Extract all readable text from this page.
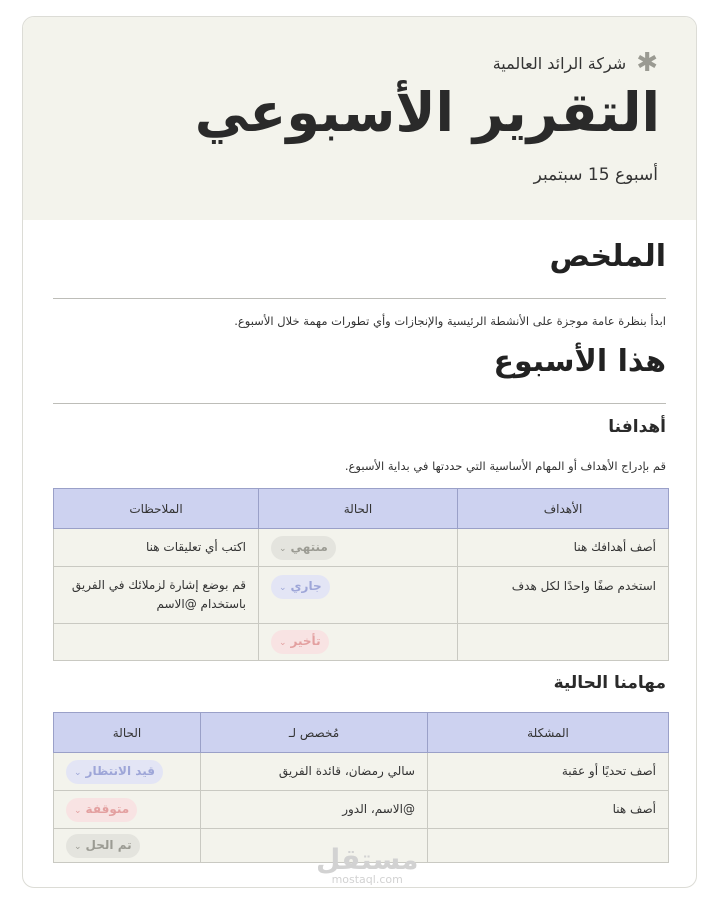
✱
شركة الرائد العالمية
التقرير الأسبوعي
أسبوع 15 سبتمبر
الملخص

ابدأ بنظرة عامة موجزة على الأنشطة الرئيسية والإنجازات وأي تطورات مهمة خلال الأسبوع.

هذا الأسبوع
أهدافنا

قم بإدراج الأهداف أو المهام الأساسية التي حددتها في بداية الأسبوع.

الأهداف	الحالة	الملاحظات
أصف أهدافك هنا	منتهي⌄	اكتب أي تعليقات هنا
استخدم صفًا واحدًا لكل هدف	جاري⌄	قم بوضع إشارة لزملائك في الفريق باستخدام @الاسم
	تأخير⌄	
مهامنا الحالية
المشكلة	مُخصص لـ	الحالة
أصف تحديًا أو عقبة	سالي رمضان، قائدة الفريق	قيد الانتظار⌄
أصف هنا	@الاسم، الدور	متوقفة⌄
		تم الحل⌄	مستقل
mostaql.com
